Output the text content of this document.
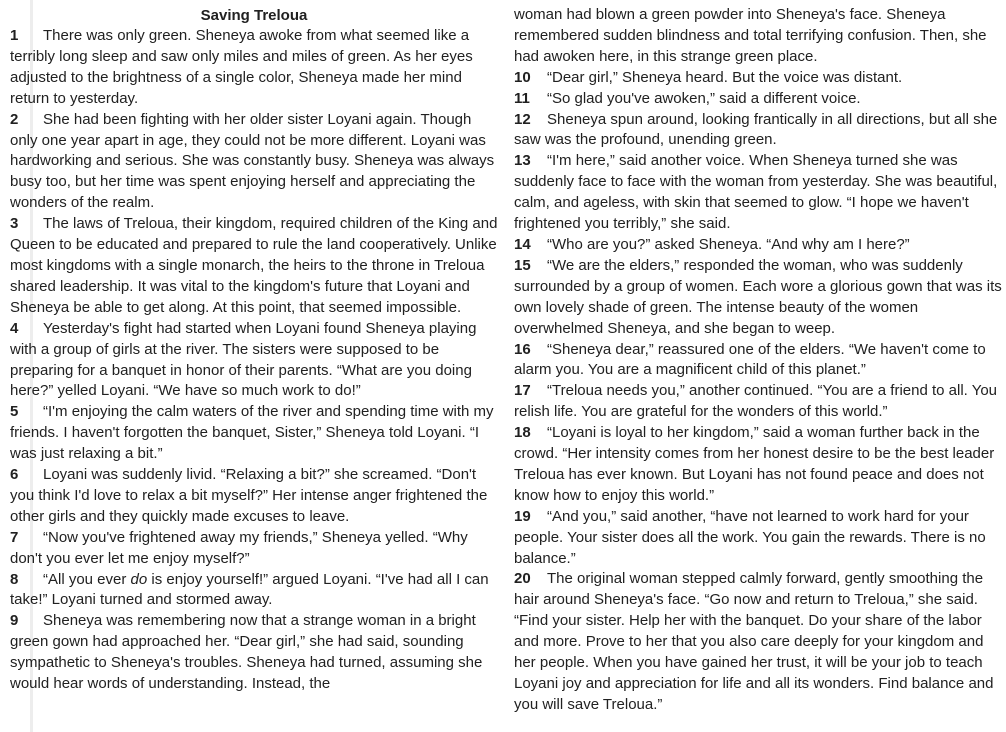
Saving Treloua

1 There was only green. Sheneya awoke from what seemed like a terribly long sleep and saw only miles and miles of green. As her eyes adjusted to the brightness of a single color, Sheneya made her mind return to yesterday.

2 She had been fighting with her older sister Loyani again. Though only one year apart in age, they could not be more different. Loyani was hardworking and serious. She was constantly busy. Sheneya was always busy too, but her time was spent enjoying herself and appreciating the wonders of the realm.

3 The laws of Treloua, their kingdom, required children of the King and Queen to be educated and prepared to rule the land cooperatively. Unlike most kingdoms with a single monarch, the heirs to the throne in Treloua shared leadership. It was vital to the kingdom's future that Loyani and Sheneya be able to get along. At this point, that seemed impossible.

4 Yesterday's fight had started when Loyani found Sheneya playing with a group of girls at the river. The sisters were supposed to be preparing for a banquet in honor of their parents. “What are you doing here?” yelled Loyani. “We have so much work to do!”

5 “I'm enjoying the calm waters of the river and spending time with my friends. I haven't forgotten the banquet, Sister,” Sheneya told Loyani. “I was just relaxing a bit.”

6 Loyani was suddenly livid. “Relaxing a bit?” she screamed. “Don't you think I'd love to relax a bit myself?” Her intense anger frightened the other girls and they quickly made excuses to leave.

7 “Now you've frightened away my friends,” Sheneya yelled. “Why don't you ever let me enjoy myself?”

8 “All you ever do is enjoy yourself!” argued Loyani. “I've had all I can take!” Loyani turned and stormed away.

9 Sheneya was remembering now that a strange woman in a bright green gown had approached her. “Dear girl,” she had said, sounding sympathetic to Sheneya's troubles. Sheneya had turned, assuming she would hear words of understanding. Instead, the

woman had blown a green powder into Sheneya's face. Sheneya remembered sudden blindness and total terrifying confusion. Then, she had awoken here, in this strange green place.

10 “Dear girl,” Sheneya heard. But the voice was distant.

11 “So glad you've awoken,” said a different voice.

12 Sheneya spun around, looking frantically in all directions, but all she saw was the profound, unending green.

13 “I'm here,” said another voice. When Sheneya turned she was suddenly face to face with the woman from yesterday. She was beautiful, calm, and ageless, with skin that seemed to glow. “I hope we haven't frightened you terribly,” she said.

14 “Who are you?” asked Sheneya. “And why am I here?”

15 “We are the elders,” responded the woman, who was suddenly surrounded by a group of women. Each wore a glorious gown that was its own lovely shade of green. The intense beauty of the women overwhelmed Sheneya, and she began to weep.

16 “Sheneya dear,” reassured one of the elders. “We haven't come to alarm you. You are a magnificent child of this planet.”

17 “Treloua needs you,” another continued. “You are a friend to all. You relish life. You are grateful for the wonders of this world.”

18 “Loyani is loyal to her kingdom,” said a woman further back in the crowd. “Her intensity comes from her honest desire to be the best leader Treloua has ever known. But Loyani has not found peace and does not know how to enjoy this world.”

19 “And you,” said another, “have not learned to work hard for your people. Your sister does all the work. You gain the rewards. There is no balance.”

20 The original woman stepped calmly forward, gently smoothing the hair around Sheneya's face. “Go now and return to Treloua,” she said. “Find your sister. Help her with the banquet. Do your share of the labor and more. Prove to her that you also care deeply for your kingdom and her people. When you have gained her trust, it will be your job to teach Loyani joy and appreciation for life and all its wonders. Find balance and you will save Treloua.”
